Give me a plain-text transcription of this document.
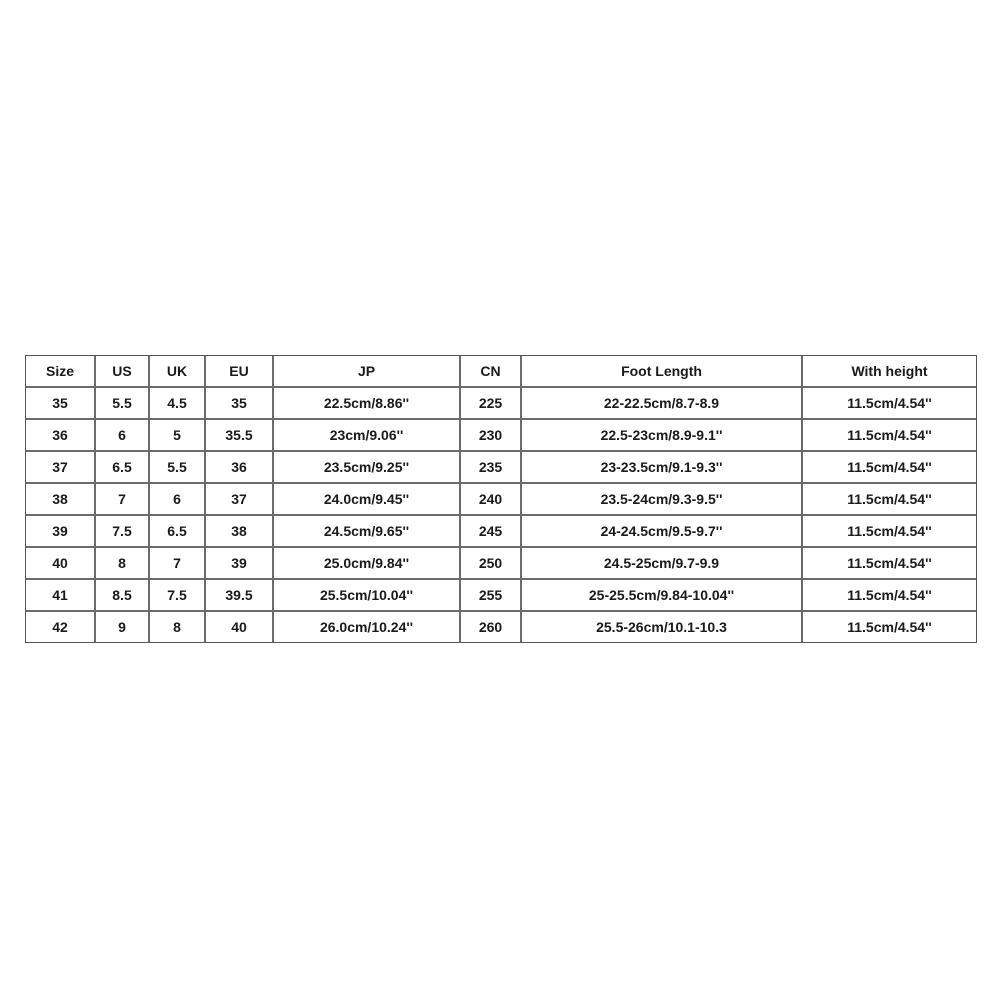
Size	US	UK	EU	JP	CN	Foot Length	With height
35	5.5	4.5	35	22.5cm/8.86''	225	22-22.5cm/8.7-8.9	11.5cm/4.54''
36	6	5	35.5	23cm/9.06''	230	22.5-23cm/8.9-9.1''	11.5cm/4.54''
37	6.5	5.5	36	23.5cm/9.25''	235	23-23.5cm/9.1-9.3''	11.5cm/4.54''
38	7	6	37	24.0cm/9.45''	240	23.5-24cm/9.3-9.5''	11.5cm/4.54''
39	7.5	6.5	38	24.5cm/9.65''	245	24-24.5cm/9.5-9.7''	11.5cm/4.54''
40	8	7	39	25.0cm/9.84''	250	24.5-25cm/9.7-9.9	11.5cm/4.54''
41	8.5	7.5	39.5	25.5cm/10.04''	255	25-25.5cm/9.84-10.04''	11.5cm/4.54''
42	9	8	40	26.0cm/10.24''	260	25.5-26cm/10.1-10.3	11.5cm/4.54''
